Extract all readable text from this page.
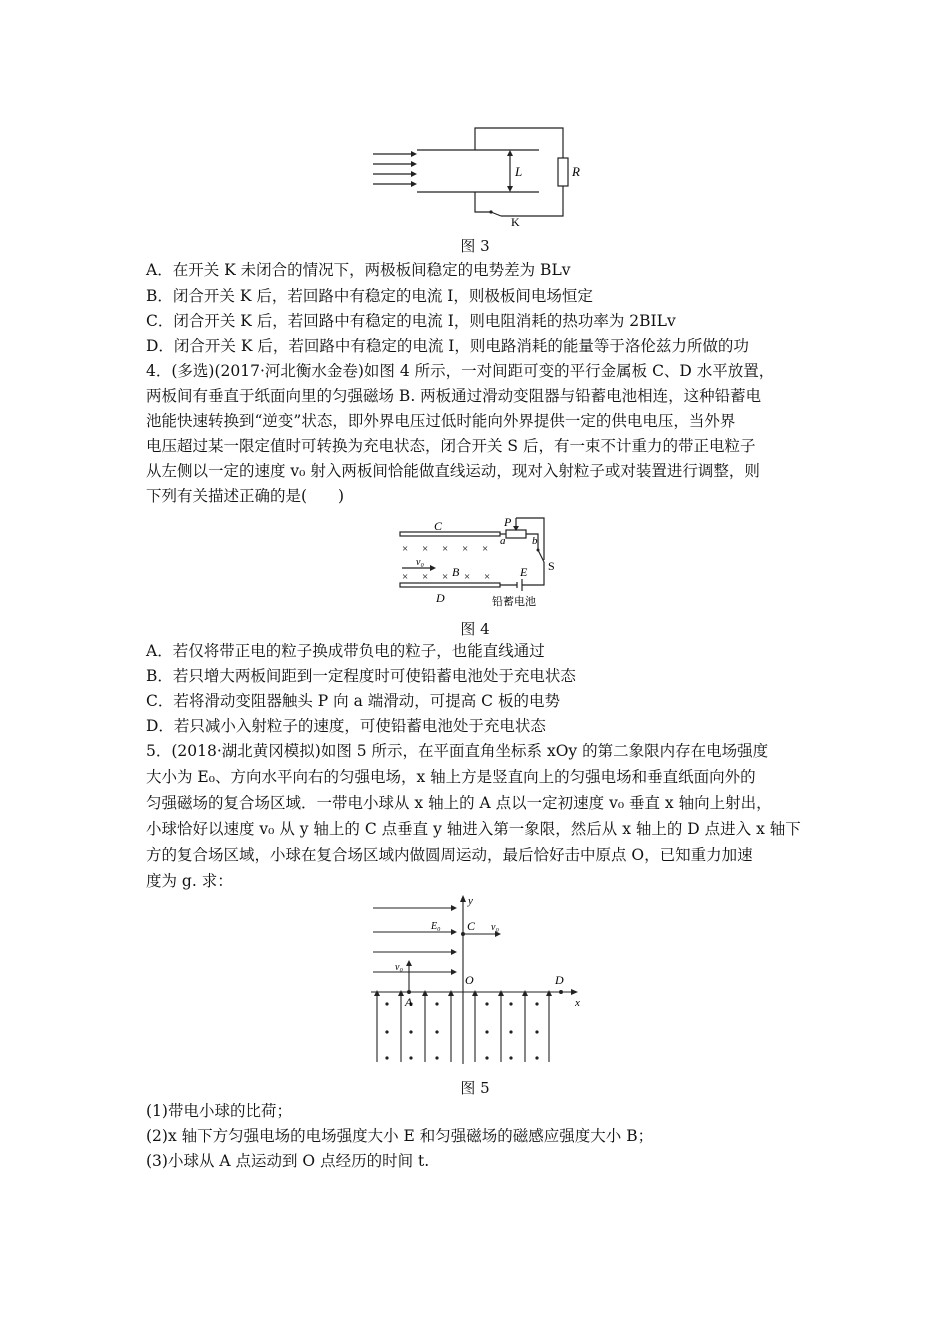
L	R
K
图 3
A．在开关 K 未闭合的情况下，两极板间稳定的电势差为 BLv
B．闭合开关 K 后，若回路中有稳定的电流 I，则极板间电场恒定
C．闭合开关 K 后，若回路中有稳定的电流 I，则电阻消耗的热功率为 2BILv
D．闭合开关 K 后，若回路中有稳定的电流 I，则电路消耗的能量等于洛伦兹力所做的功
4．(多选)(2017·河北衡水金卷)如图 4 所示，一对间距可变的平行金属板 C、D 水平放置，
两板间有垂直于纸面向里的匀强磁场 B. 两板通过滑动变阻器与铅蓄电池相连，这种铅蓄电
池能快速转换到“逆变”状态，即外界电压过低时能向外界提供一定的供电电压，当外界
电压超过某一限定值时可转换为充电状态，闭合开关 S 后，有一束不计重力的带正电粒子
从左侧以一定的速度 v₀ 射入两板间恰能做直线运动，现对入射粒子或对装置进行调整，则
下列有关描述正确的是(　　)
C	P
a b
S
E
B
v₀
D	铅蓄电池
× × × × ×
× × × × ×
图 4
A．若仅将带正电的粒子换成带负电的粒子，也能直线通过
B．若只增大两板间距到一定程度时可使铅蓄电池处于充电状态
C．若将滑动变阻器触头 P 向 a 端滑动，可提高 C 板的电势
D．若只减小入射粒子的速度，可使铅蓄电池处于充电状态
5．(2018·湖北黄冈模拟)如图 5 所示，在平面直角坐标系 xOy 的第二象限内存在电场强度
大小为 E₀、方向水平向右的匀强电场，x 轴上方是竖直向上的匀强电场和垂直纸面向外的
匀强磁场的复合场区域．一带电小球从 x 轴上的 A 点以一定初速度 v₀ 垂直 x 轴向上射出，
小球恰好以速度 v₀ 从 y 轴上的 C 点垂直 y 轴进入第一象限，然后从 x 轴上的 D 点进入 x 轴下
方的复合场区域，小球在复合场区域内做圆周运动，最后恰好击中原点 O，已知重力加速
度为 g. 求：
y
x
E₀ C v₀
v₀
O	D
A
图 5
(1)带电小球的比荷；
(2)x 轴下方匀强电场的电场强度大小 E 和匀强磁场的磁感应强度大小 B；
(3)小球从 A 点运动到 O 点经历的时间 t.
